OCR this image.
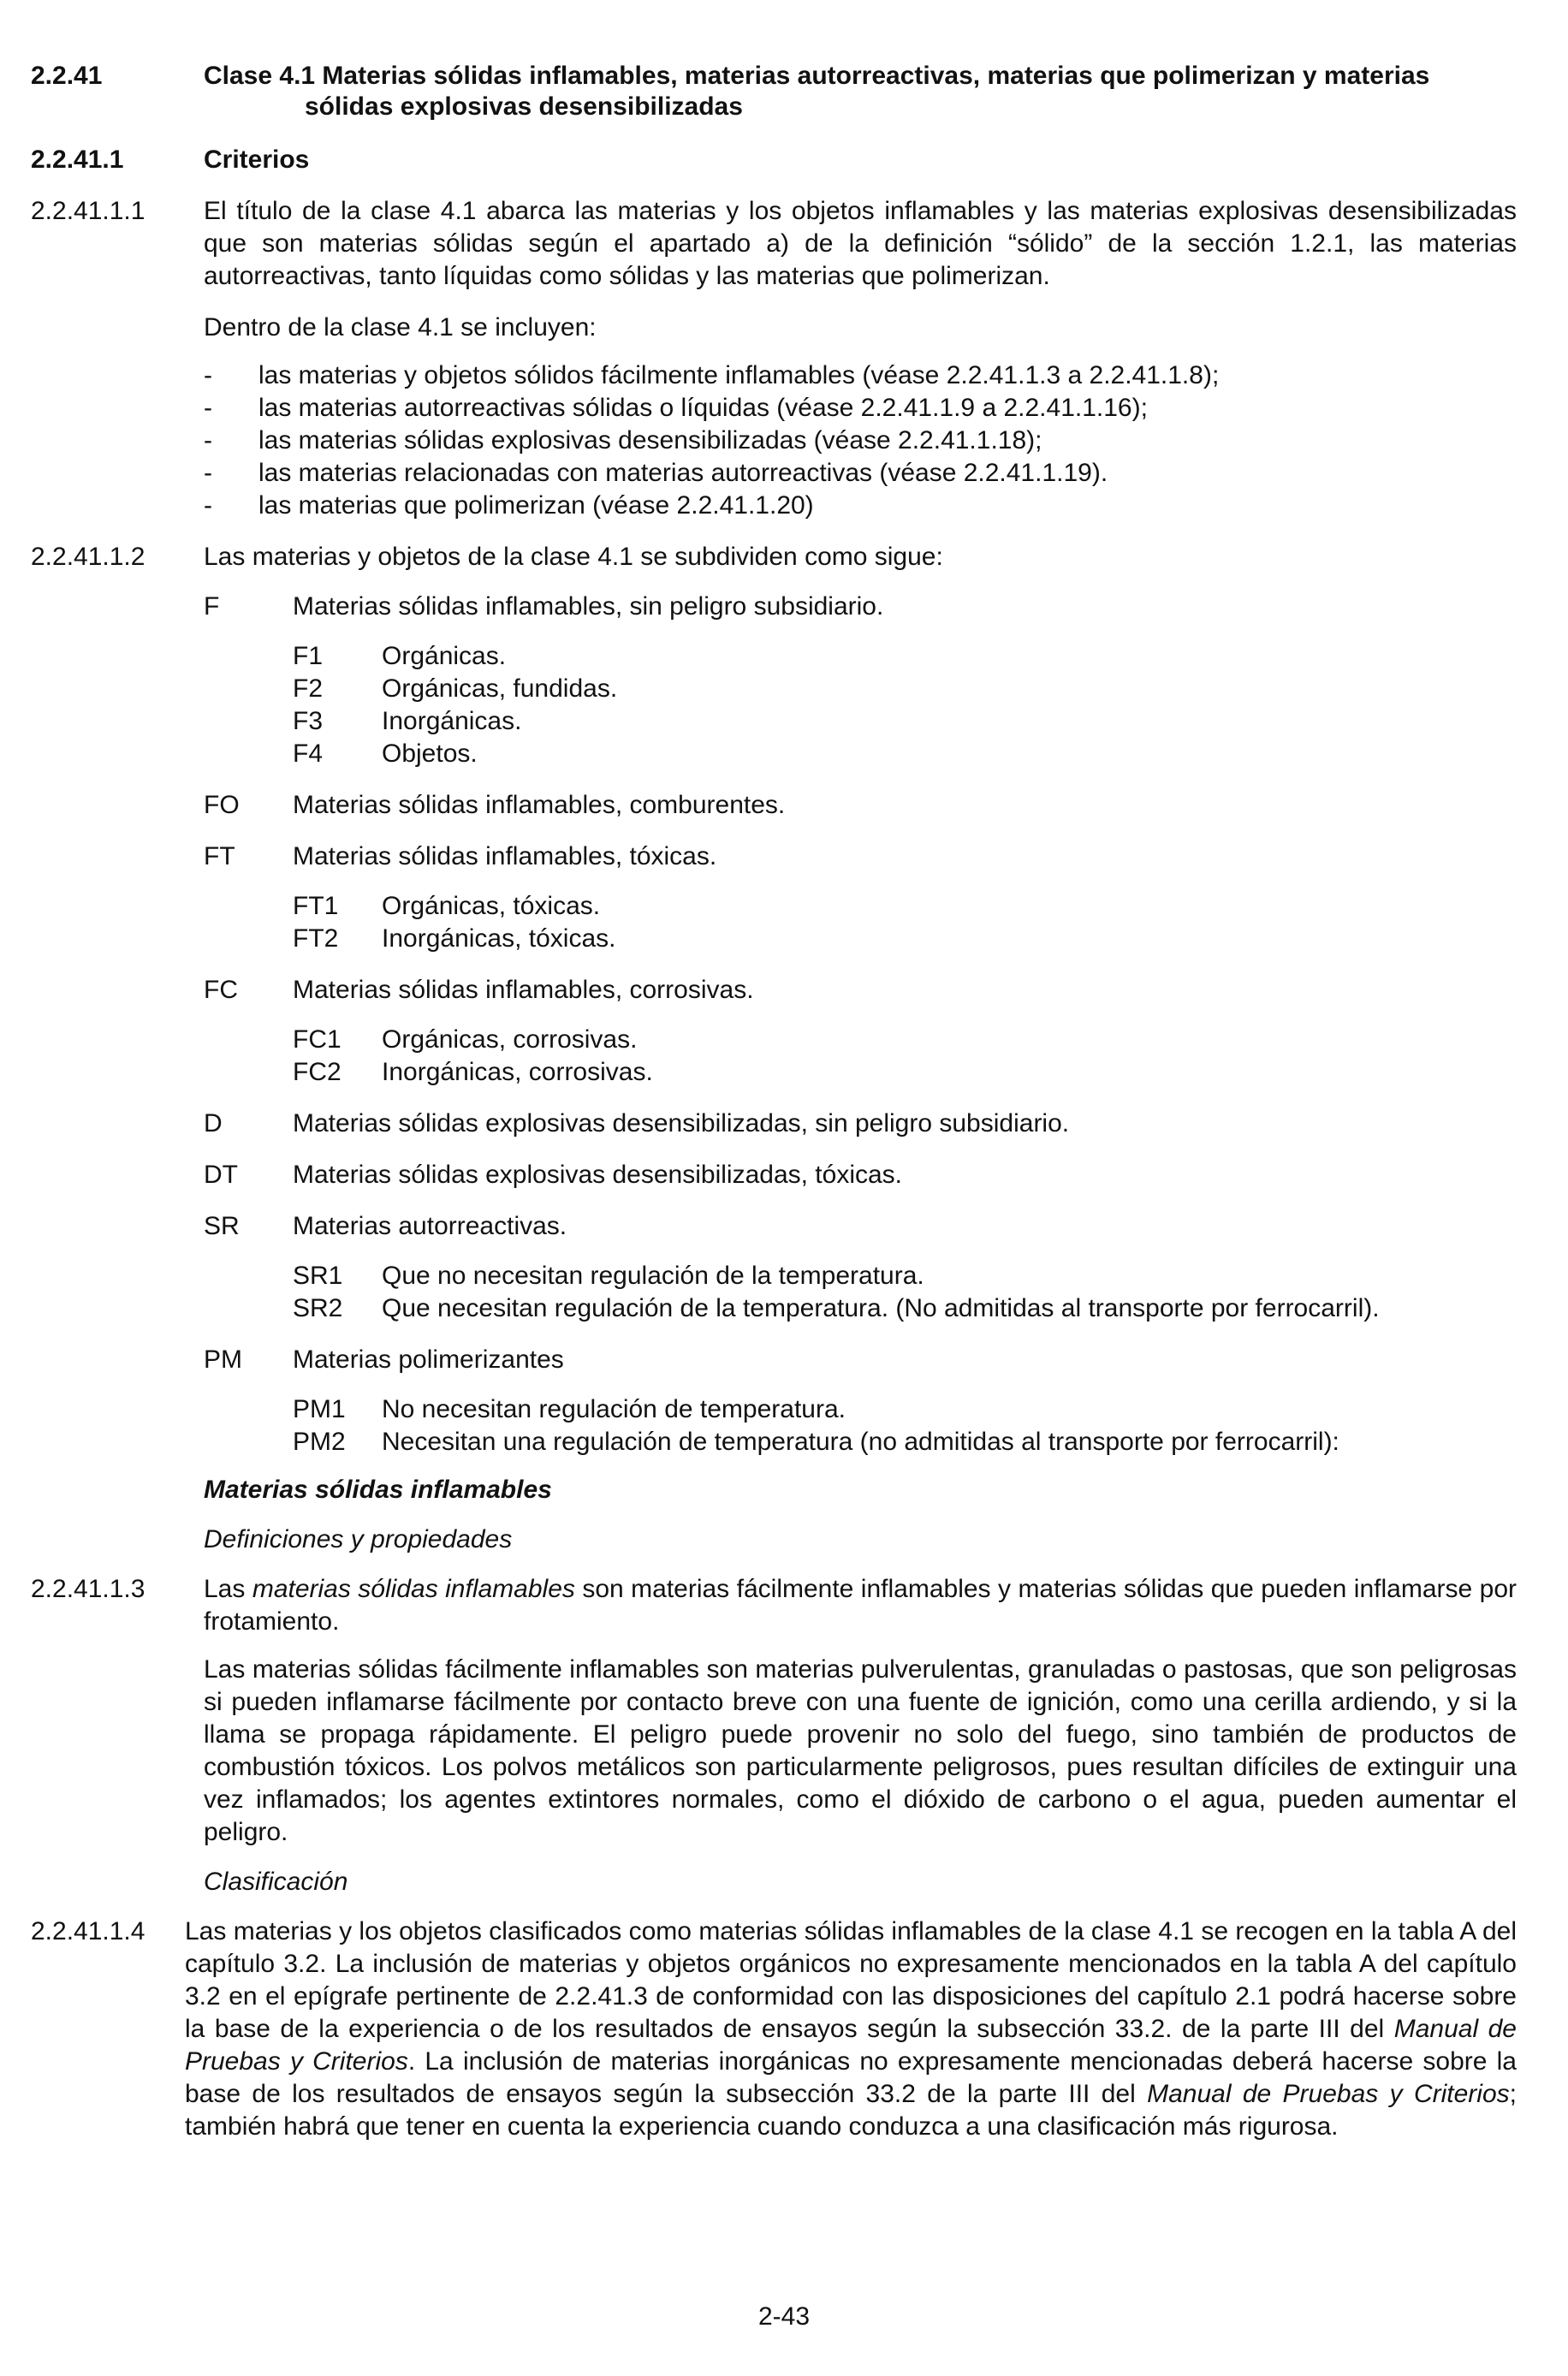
2.2.41	Clase 4.1 Materias sólidas inflamables, materias autorreactivas, materias que polimerizan y materias
sólidas explosivas desensibilizadas
2.2.41.1	Criterios
2.2.41.1.1 El título de la clase 4.1 abarca las materias y los objetos inflamables y las materias explosivas desensibilizadas que son materias sólidas según el apartado a) de la definición “sólido” de la sección 1.2.1, las materias autorreactivas, tanto líquidas como sólidas y las materias que polimerizan.
Dentro de la clase 4.1 se incluyen:
- las materias y objetos sólidos fácilmente inflamables (véase 2.2.41.1.3 a 2.2.41.1.8);
- las materias autorreactivas sólidas o líquidas (véase 2.2.41.1.9 a 2.2.41.1.16);
- las materias sólidas explosivas desensibilizadas (véase 2.2.41.1.18);
- las materias relacionadas con materias autorreactivas (véase 2.2.41.1.19).
- las materias que polimerizan (véase 2.2.41.1.20)
2.2.41.1.2 Las materias y objetos de la clase 4.1 se subdividen como sigue:
F	Materias sólidas inflamables, sin peligro subsidiario.
F1 Orgánicas.
F2 Orgánicas, fundidas.
F3 Inorgánicas.
F4 Objetos.
FO Materias sólidas inflamables, comburentes.
FT Materias sólidas inflamables, tóxicas.
FT1 Orgánicas, tóxicas.
FT2 Inorgánicas, tóxicas.
FC Materias sólidas inflamables, corrosivas.
FC1 Orgánicas, corrosivas.
FC2 Inorgánicas, corrosivas.
D	Materias sólidas explosivas desensibilizadas, sin peligro subsidiario.
DT Materias sólidas explosivas desensibilizadas, tóxicas.
SR Materias autorreactivas.
SR1 Que no necesitan regulación de la temperatura.
SR2 Que necesitan regulación de la temperatura. (No admitidas al transporte por ferrocarril).
PM Materias polimerizantes
PM1 No necesitan regulación de temperatura.
PM2 Necesitan una regulación de temperatura (no admitidas al transporte por ferrocarril):
Materias sólidas inflamables
Definiciones y propiedades
2.2.41.1.3 Las materias sólidas inflamables son materias fácilmente inflamables y materias sólidas que pueden inflamarse por frotamiento.
Las materias sólidas fácilmente inflamables son materias pulverulentas, granuladas o pastosas, que son peligrosas si pueden inflamarse fácilmente por contacto breve con una fuente de ignición, como una cerilla ardiendo, y si la llama se propaga rápidamente. El peligro puede provenir no solo del fuego, sino también de productos de combustión tóxicos. Los polvos metálicos son particularmente peligrosos, pues resultan difíciles de extinguir una vez inflamados; los agentes extintores normales, como el dióxido de carbono o el agua, pueden aumentar el peligro.
Clasificación
2.2.41.1.4 Las materias y los objetos clasificados como materias sólidas inflamables de la clase 4.1 se recogen en la tabla A del capítulo 3.2. La inclusión de materias y objetos orgánicos no expresamente mencionados en la tabla A del capítulo 3.2 en el epígrafe pertinente de 2.2.41.3 de conformidad con las disposiciones del capítulo 2.1 podrá hacerse sobre la base de la experiencia o de los resultados de ensayos según la subsección 33.2. de la parte III del Manual de Pruebas y Criterios. La inclusión de materias inorgánicas no expresamente mencionadas deberá hacerse sobre la base de los resultados de ensayos según la subsección 33.2 de la parte III del Manual de Pruebas y Criterios; también habrá que tener en cuenta la experiencia cuando conduzca a una clasificación más rigurosa.
2-43
